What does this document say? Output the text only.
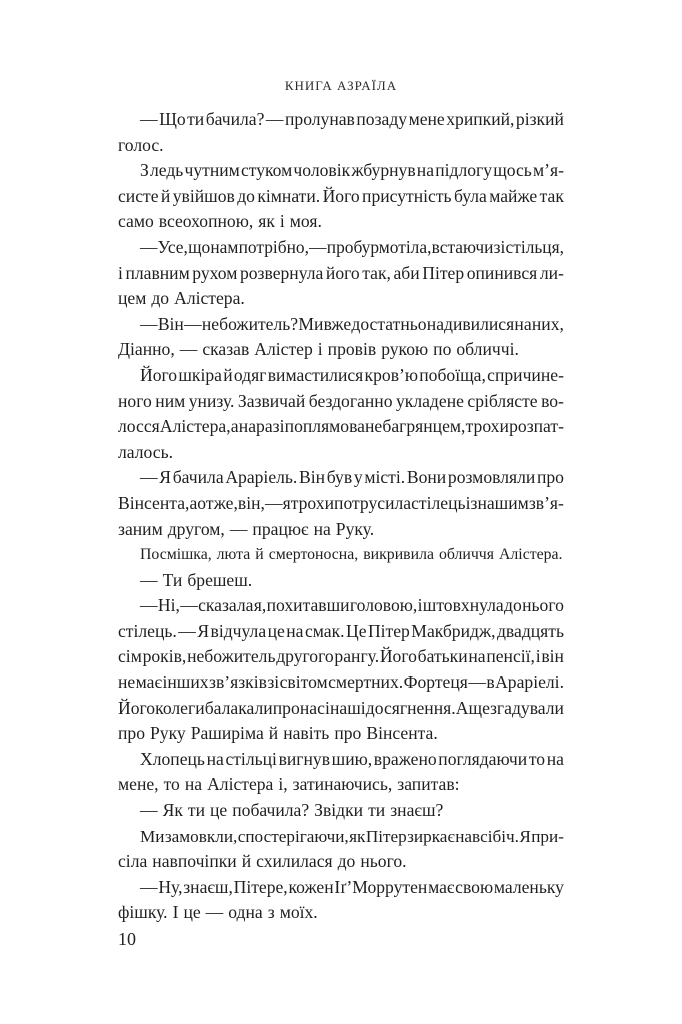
КНИГА АЗРАЇЛА
— Що ти бачила? — пролунав позаду мене хрипкий, різкий
голос.
З ледь чутним стуком чоловік жбурнув на підлогу щось м’я-
систе й увійшов до кімнати. Його присутність була майже так
само всеохопною, як і моя.
— Усе, що нам потрібно, — пробурмотіла, встаючи зі стільця,
і плавним рухом розвернула його так, аби Пітер опинився ли-
цем до Алістера.
— Він — небожитель? Ми вже достатньо надивилися на них,
Діанно, — сказав Алістер і провів рукою по обличчі.
Його шкіра й одяг вимастилися кров’ю побоїща, спричине-
ного ним унизу. Зазвичай бездоганно укладене сріблясте во-
лосся Алістера, а наразі поплямоване багрянцем, трохи розпат-
лалось.
— Я бачила Араріель. Він був у місті. Вони розмовляли про
Вінсента, а отже, він, — я трохи потрусила стілець із нашим зв’я-
заним другом, — працює на Руку.
Посмішка, люта й смертоносна, викривила обличчя Алістера.
— Ти брешеш.
— Ні, — сказала я, похитавши головою, і штовхнула до нього
стілець. — Я відчула це на смак. Це Пітер Макбридж, двадцять
сім років, небожитель другого рангу. Його батьки на пенсії, і він
не має інших зв’язків зі світом смертних. Фортеця — в Араріелі.
Його колеги балакали про нас і наші досягнення. А ще згадували
про Руку Раширіма й навіть про Вінсента.
Хлопець на стільці вигнув шию, вражено поглядаючи то на
мене, то на Алістера і, затинаючись, запитав:
— Як ти це побачила? Звідки ти знаєш?
Ми замовкли, спостерігаючи, як Пітер зиркає навсібіч. Я при-
сіла навпочіпки й схилилася до нього.
— Ну, знаєш, Пітере, кожен Іґ’Моррутен має свою маленьку
фішку. І це — одна з моїх.
10
